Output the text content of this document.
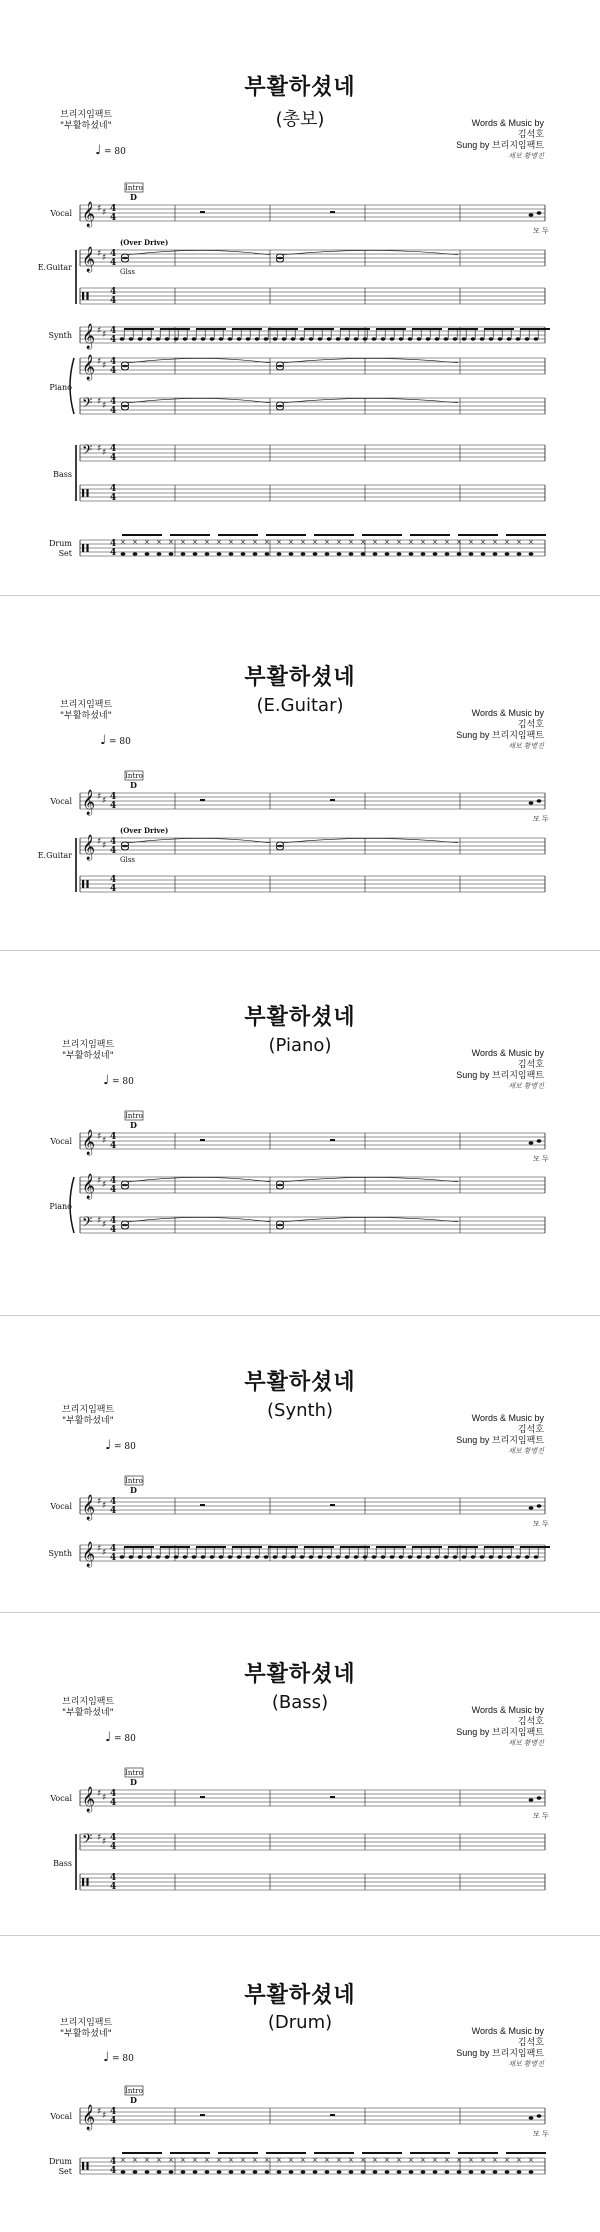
부활하셨네
(총보)
브리지임팩트
"부활하셨네"	Words & Music by
김석호
Sung by 브리지임팩트
채보 황병진
♩ = 80
𝄞 ♯ ♯ 4
4
Vocal
Intro
D
모 두
𝄞 ♯ ♯ 4
4
𝄥 4
4
E.Guitar
(Over Drive)
Glss
𝄞 ♯ ♯ 4
4
Synth
𝄞 ♯ ♯ 4
4
𝄢 ♯ ♯ 4
4
Piano
𝄢 ♯ ♯ 4
4
𝄥 4
4
Bass
𝄥 4
4
× × × × × × × × × × × × × × × × × × × × × × × × × × × × × × × × × × ×
Drum
Set
부활하셨네
(E.Guitar)
브리지임팩트
"부활하셨네"	Words & Music by
김석호
Sung by 브리지임팩트
채보 황병진
♩ = 80
𝄞 ♯ ♯ 4
4
Vocal
Intro
D
모 두
𝄞 ♯ ♯ 4
4
𝄥 4
4
E.Guitar
(Over Drive)
Glss
부활하셨네
(Piano)
브리지임팩트
"부활하셨네"	Words & Music by
김석호
Sung by 브리지임팩트
채보 황병진
♩ = 80
𝄞 ♯ ♯ 4
4
Vocal
Intro
D
모 두
𝄞 ♯ ♯ 4
4
𝄢 ♯ ♯ 4
4
Piano
부활하셨네
(Synth)
브리지임팩트
"부활하셨네"	Words & Music by
김석호
Sung by 브리지임팩트
채보 황병진
♩ = 80
𝄞 ♯ ♯ 4
4
Vocal
Intro
D
모 두
𝄞 ♯ ♯ 4
4
Synth
부활하셨네
(Bass)
브리지임팩트
"부활하셨네"	Words & Music by
김석호
Sung by 브리지임팩트
채보 황병진
♩ = 80
𝄞 ♯ ♯ 4
4
Vocal
Intro
D
모 두
𝄢 ♯ ♯ 4
4
𝄥 4
4
Bass
부활하셨네
(Drum)
브리지임팩트
"부활하셨네"	Words & Music by
김석호
Sung by 브리지임팩트
채보 황병진
♩ = 80
𝄞 ♯ ♯ 4
4
Vocal
Intro
D
모 두
𝄥 4
4
× × × × × × × × × × × × × × × × × × × × × × × × × × × × × × × × × × ×
Drum
Set
